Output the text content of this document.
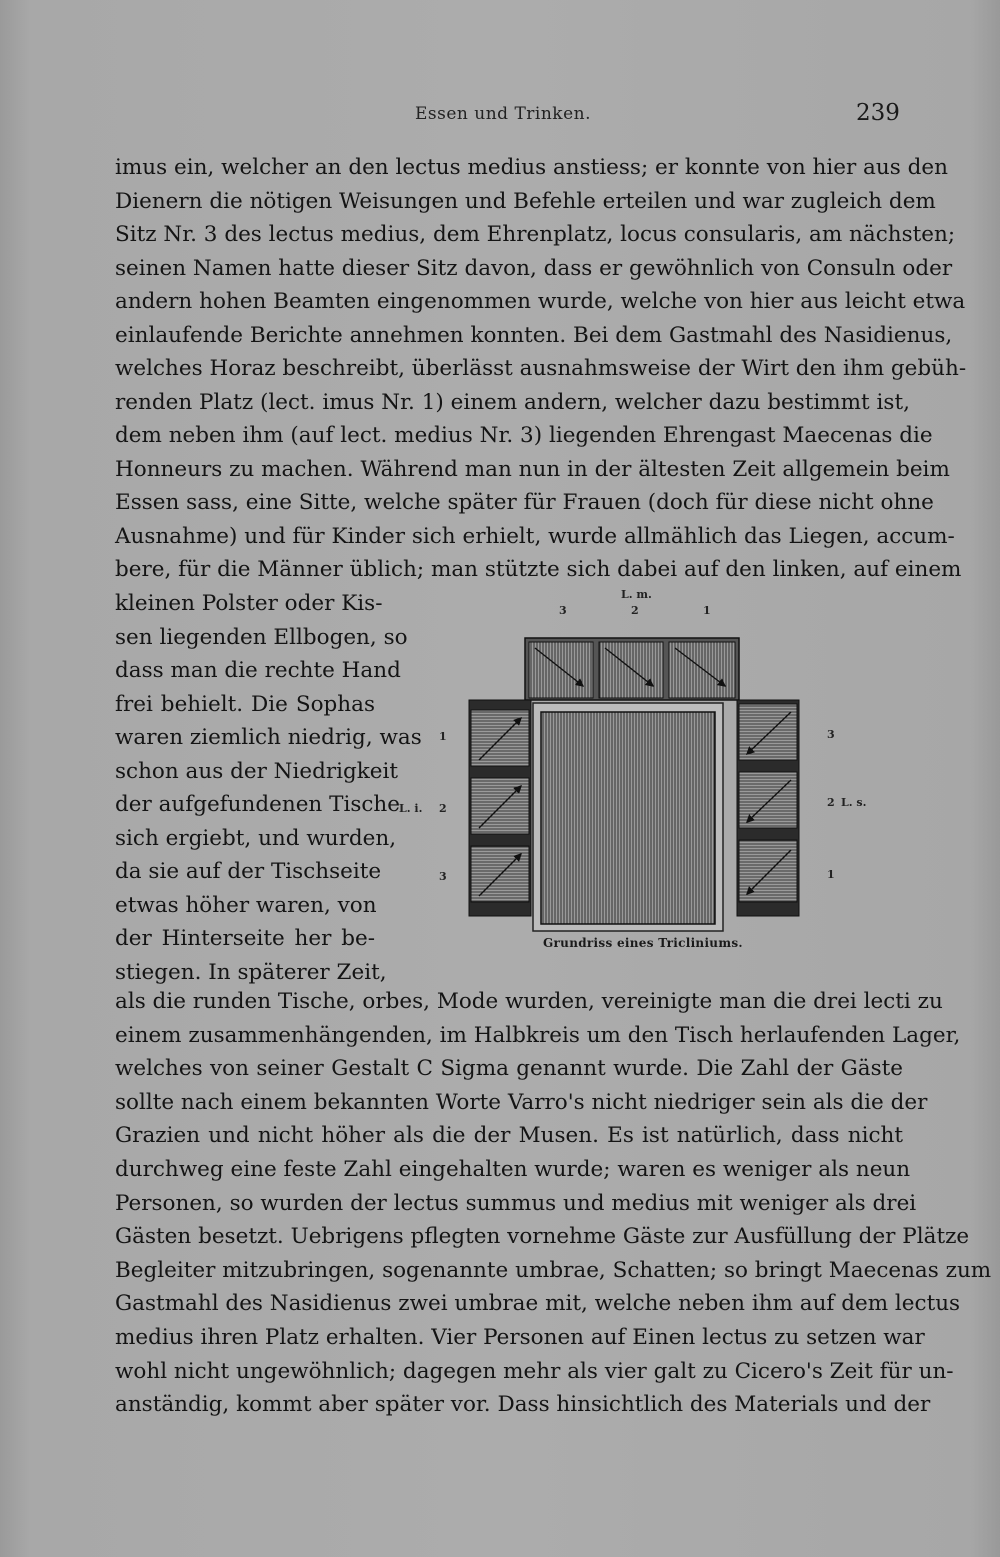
Essen und Trinken.	239
imus ein, welcher an den lectus medius anstiess; er konnte von hier aus den
Dienern die nötigen Weisungen und Befehle erteilen und war zugleich dem
Sitz Nr. 3 des lectus medius, dem Ehrenplatz, locus consularis, am nächsten;
seinen Namen hatte dieser Sitz davon, dass er gewöhnlich von Consuln oder
andern hohen Beamten eingenommen wurde, welche von hier aus leicht etwa
einlaufende Berichte annehmen konnten. Bei dem Gastmahl des Nasidienus,
welches Horaz beschreibt, überlässt ausnahmsweise der Wirt den ihm gebüh-
renden Platz (lect. imus Nr. 1) einem andern, welcher dazu bestimmt ist,
dem neben ihm (auf lect. medius Nr. 3) liegenden Ehrengast Maecenas die
Honneurs zu machen. Während man nun in der ältesten Zeit allgemein beim
Essen sass, eine Sitte, welche später für Frauen (doch für diese nicht ohne
Ausnahme) und für Kinder sich erhielt, wurde allmählich das Liegen, accum-
bere, für die Männer üblich; man stützte sich dabei auf den linken, auf einem
kleinen Polster oder Kis-
sen liegenden Ellbogen, so
dass man die rechte Hand
frei behielt. Die Sophas
waren ziemlich niedrig, was
schon aus der Niedrigkeit
der aufgefundenen Tische
sich ergiebt, und wurden,
da sie auf der Tischseite
etwas höher waren, von
der Hinterseite her be-
stiegen. In späterer Zeit,
als die runden Tische, orbes, Mode wurden, vereinigte man die drei lecti zu
einem zusammenhängenden, im Halbkreis um den Tisch herlaufenden Lager,
welches von seiner Gestalt C Sigma genannt wurde. Die Zahl der Gäste
sollte nach einem bekannten Worte Varro's nicht niedriger sein als die der
Grazien und nicht höher als die der Musen. Es ist natürlich, dass nicht
durchweg eine feste Zahl eingehalten wurde; waren es weniger als neun
Personen, so wurden der lectus summus und medius mit weniger als drei
Gästen besetzt. Uebrigens pflegten vornehme Gäste zur Ausfüllung der Plätze
Begleiter mitzubringen, sogenannte umbrae, Schatten; so bringt Maecenas zum
Gastmahl des Nasidienus zwei umbrae mit, welche neben ihm auf dem lectus
medius ihren Platz erhalten. Vier Personen auf Einen lectus zu setzen war
wohl nicht ungewöhnlich; dagegen mehr als vier galt zu Cicero's Zeit für un-
anständig, kommt aber später vor. Dass hinsichtlich des Materials und der
L. m.
3	2	1
1
L. i. 2
3
3
2 L. s.
1
Grundriss eines Tricliniums.
